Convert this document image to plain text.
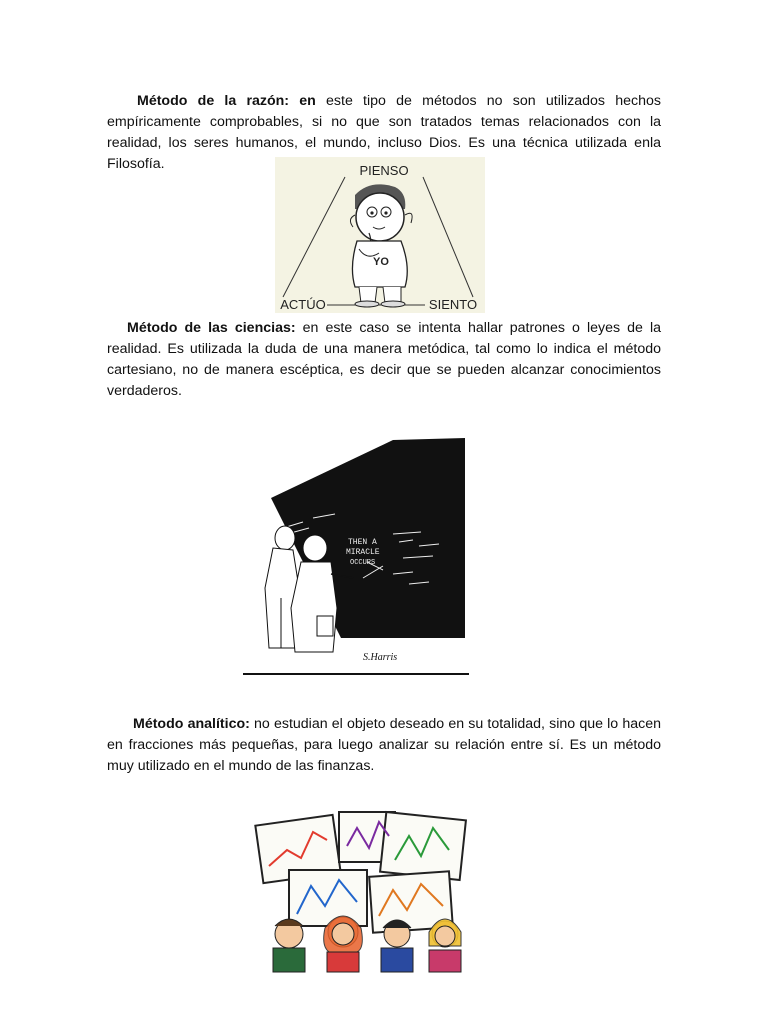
Método de la razón: en este tipo de métodos no son utilizados hechos empíricamente comprobables, si no que son tratados temas relacionados con la realidad, los seres humanos, el mundo, incluso Dios. Es una técnica utilizada enla Filosofía.	PIENSO
YO
ACTÚO	SIENTO

Método de las ciencias: en este caso se intenta hallar patrones o leyes de la realidad. Es utilizada la duda de una manera metódica, tal como lo indica el método cartesiano, no de manera escéptica, es decir que se pueden alcanzar conocimientos verdaderos.

THEN A
MIRACLE
OCCURS
S.Harris

Método analítico: no estudian el objeto deseado en su totalidad, sino que lo hacen en fracciones más pequeñas, para luego analizar su relación entre sí. Es un método muy utilizado en el mundo de las finanzas.
